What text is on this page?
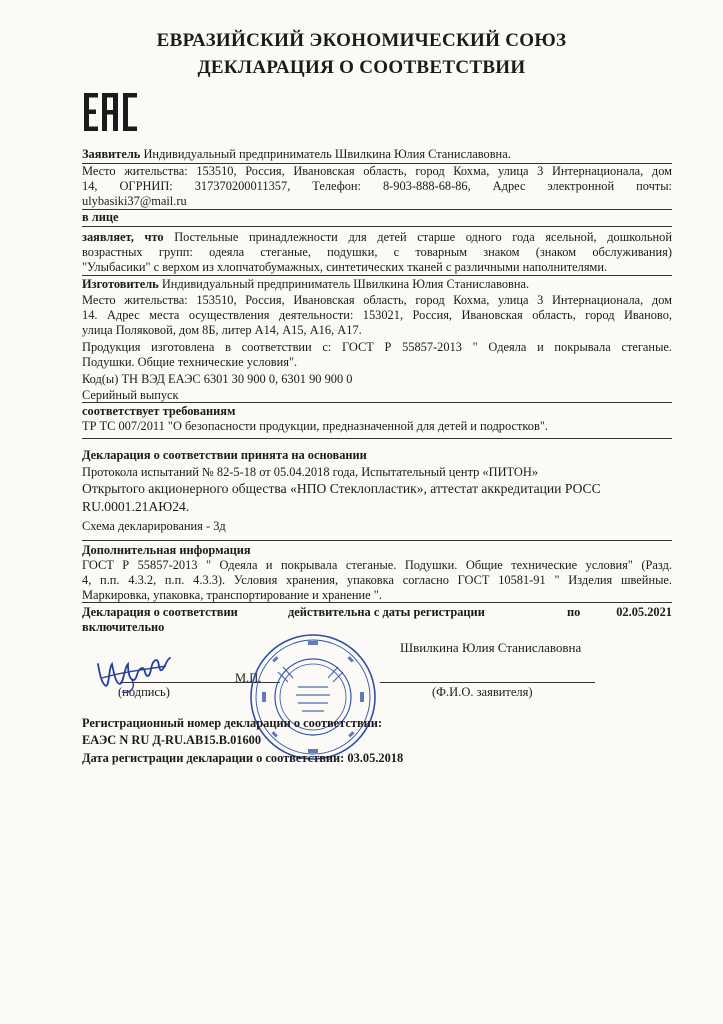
ЕВРАЗИЙСКИЙ ЭКОНОМИЧЕСКИЙ СОЮЗ
ДЕКЛАРАЦИЯ О СООТВЕТСТВИИ
Заявитель Индивидуальный предприниматель Швилкина Юлия Станиславовна.
Место жительства: 153510, Россия, Ивановская область, город Кохма, улица 3 Интернационала, дом
14, ОГРНИП: 317370200011357, Телефон: 8-903-888-68-86, Адрес электронной почты:
ulybasiki37@mail.ru
в лице
заявляет, что Постельные принадлежности для детей старше одного года ясельной, дошкольной
возрастных групп: одеяла стеганые, подушки, с товарным знаком (знаком обслуживания)
"Улыбасики" с верхом из хлопчатобумажных, синтетических тканей с различными наполнителями.
Изготовитель Индивидуальный предприниматель Швилкина Юлия Станиславовна.
Место жительства: 153510, Россия, Ивановская область, город Кохма, улица 3 Интернационала, дом
14. Адрес места осуществления деятельности: 153021, Россия, Ивановская область, город Иваново,
улица Поляковой, дом 8Б, литер А14, А15, А16, А17.
Продукция изготовлена в соответствии с: ГОСТ Р 55857-2013 " Одеяла и покрывала стеганые.
Подушки. Общие технические условия".
Код(ы) ТН ВЭД ЕАЭС 6301 30 900 0, 6301 90 900 0
Серийный выпуск
соответствует требованиям
ТР ТС 007/2011 "О безопасности продукции, предназначенной для детей и подростков".
Декларация о соответствии принята на основании
Протокола испытаний № 82-5-18 от 05.04.2018 года, Испытательный центр «ПИТОН»
Открытого акционерного общества «НПО Стеклопластик», аттестат аккредитации РОСС
RU.0001.21АЮ24.
Схема декларирования - 3д
Дополнительная информация
ГОСТ Р 55857-2013 " Одеяла и покрывала стеганые. Подушки. Общие технические условия" (Разд.
4, п.п. 4.3.2, п.п. 4.3.3). Условия хранения, упаковка согласно ГОСТ 10581-91 " Изделия швейные.
Маркировка, упаковка, транспортирование и хранение ".
Декларация о соответствии	действительна с даты регистрации	по	02.05.2021
включительно
Швилкина Юлия Станиславовна
М.П.
(подпись)	(Ф.И.О. заявителя)
Регистрационный номер декларации о соответствии:
ЕАЭС N RU Д-RU.АВ15.В.01600
Дата регистрации декларации о соответствии: 03.05.2018
